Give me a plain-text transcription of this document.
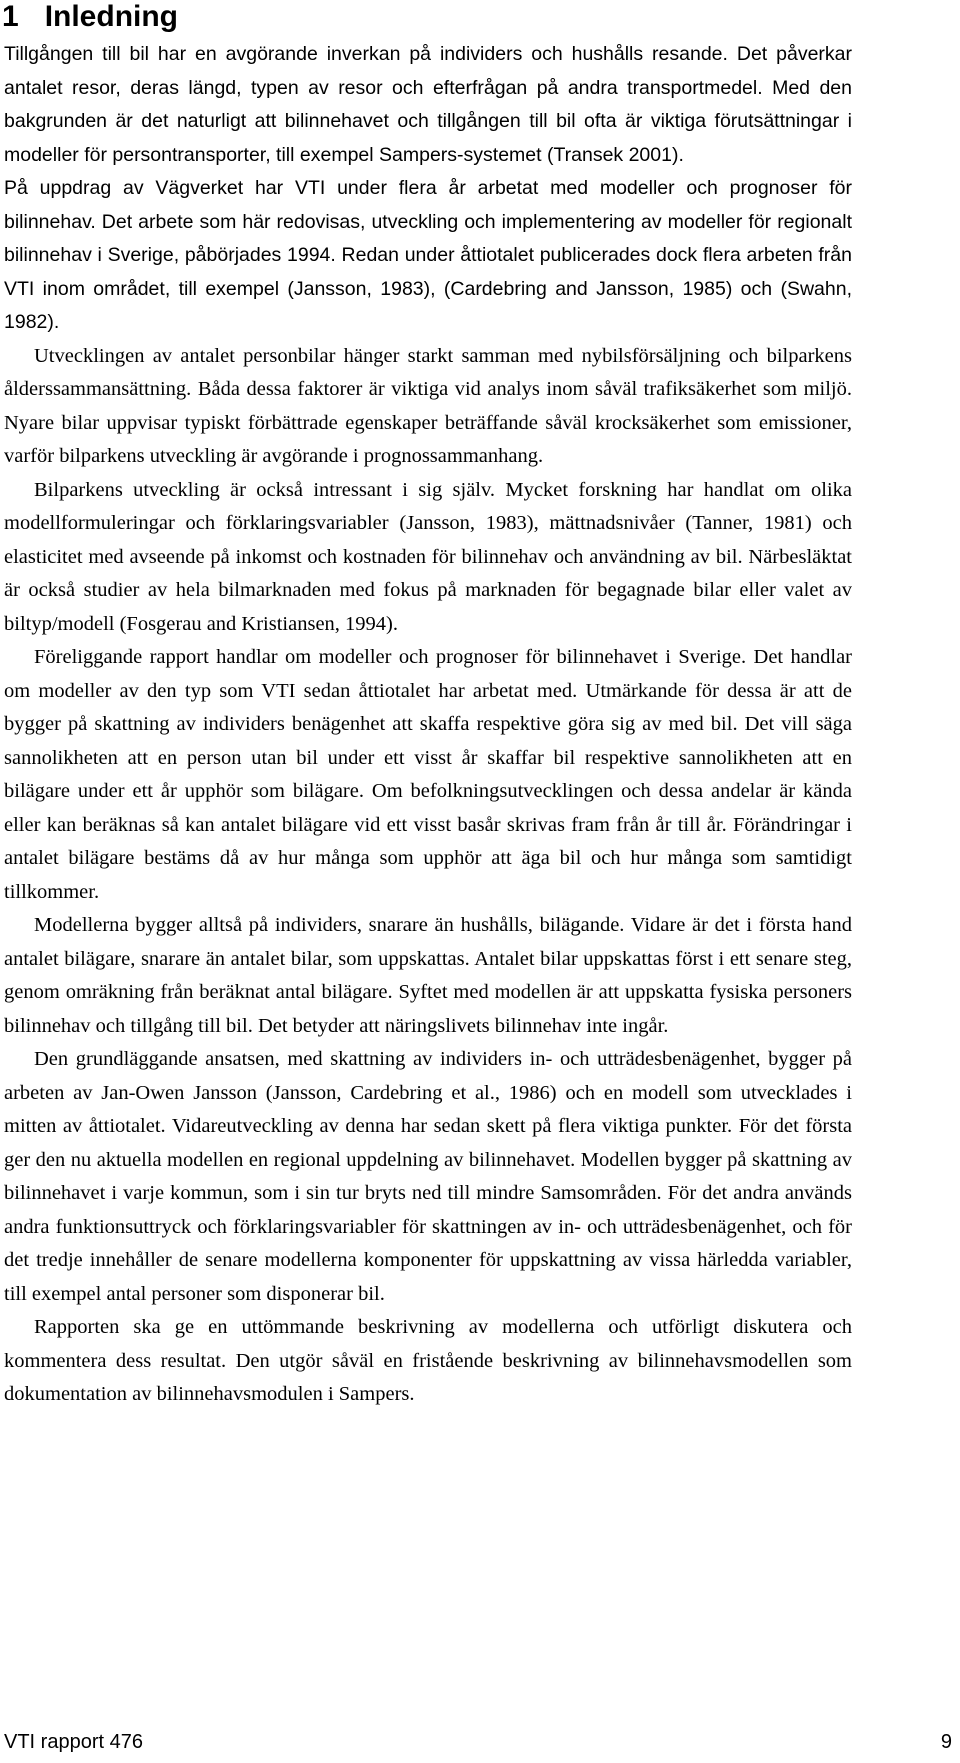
1 Inledning

Tillgången till bil har en avgörande inverkan på individers och hushålls resande. Det påverkar antalet resor, deras längd, typen av resor och efterfrågan på andra transportmedel. Med den bakgrunden är det naturligt att bilinnehavet och tillgången till bil ofta är viktiga förutsättningar i modeller för persontransporter, till exempel Sampers-systemet (Transek 2001).

På uppdrag av Vägverket har VTI under flera år arbetat med modeller och prognoser för bilinnehav. Det arbete som här redovisas, utveckling och implementering av modeller för regionalt bilinnehav i Sverige, påbörjades 1994. Redan under åttiotalet publicerades dock flera arbeten från VTI inom området, till exempel (Jansson, 1983), (Cardebring and Jansson, 1985) och (Swahn, 1982).

Utvecklingen av antalet personbilar hänger starkt samman med nybilsförsäljning och bilparkens ålderssammansättning. Båda dessa faktorer är viktiga vid analys inom såväl trafiksäkerhet som miljö. Nyare bilar uppvisar typiskt förbättrade egenskaper beträffande såväl krocksäkerhet som emissioner, varför bilparkens utveckling är avgörande i prognossammanhang.

Bilparkens utveckling är också intressant i sig själv. Mycket forskning har handlat om olika modellformuleringar och förklaringsvariabler (Jansson, 1983), mättnadsnivåer (Tanner, 1981) och elasticitet med avseende på inkomst och kostnaden för bilinnehav och användning av bil. Närbesläktat är också studier av hela bilmarknaden med fokus på marknaden för begagnade bilar eller valet av biltyp/modell (Fosgerau and Kristiansen, 1994).

Föreliggande rapport handlar om modeller och prognoser för bilinnehavet i Sverige. Det handlar om modeller av den typ som VTI sedan åttiotalet har arbetat med. Utmärkande för dessa är att de bygger på skattning av individers benägenhet att skaffa respektive göra sig av med bil. Det vill säga sannolikheten att en person utan bil under ett visst år skaffar bil respektive sannolikheten att en bilägare under ett år upphör som bilägare. Om befolkningsutvecklingen och dessa andelar är kända eller kan beräknas så kan antalet bilägare vid ett visst basår skrivas fram från år till år. Förändringar i antalet bilägare bestäms då av hur många som upphör att äga bil och hur många som samtidigt tillkommer.

Modellerna bygger alltså på individers, snarare än hushålls, bilägande. Vidare är det i första hand antalet bilägare, snarare än antalet bilar, som uppskattas. Antalet bilar uppskattas först i ett senare steg, genom omräkning från beräknat antal bilägare. Syftet med modellen är att uppskatta fysiska personers bilinnehav och tillgång till bil. Det betyder att näringslivets bilinnehav inte ingår.

Den grundläggande ansatsen, med skattning av individers in- och utträdesbenägenhet, bygger på arbeten av Jan-Owen Jansson (Jansson, Cardebring et al., 1986) och en modell som utvecklades i mitten av åttiotalet. Vidareutveckling av denna har sedan skett på flera viktiga punkter. För det första ger den nu aktuella modellen en regional uppdelning av bilinnehavet. Modellen bygger på skattning av bilinnehavet i varje kommun, som i sin tur bryts ned till mindre Samsområden. För det andra används andra funktionsuttryck och förklaringsvariabler för skattningen av in- och utträdesbenägenhet, och för det tredje innehåller de senare modellerna komponenter för uppskattning av vissa härledda variabler, till exempel antal personer som disponerar bil.

Rapporten ska ge en uttömmande beskrivning av modellerna och utförligt diskutera och kommentera dess resultat. Den utgör såväl en fristående beskrivning av bilinnehavsmodellen som dokumentation av bilinnehavsmodulen i Sampers.

VTI rapport 476	9
